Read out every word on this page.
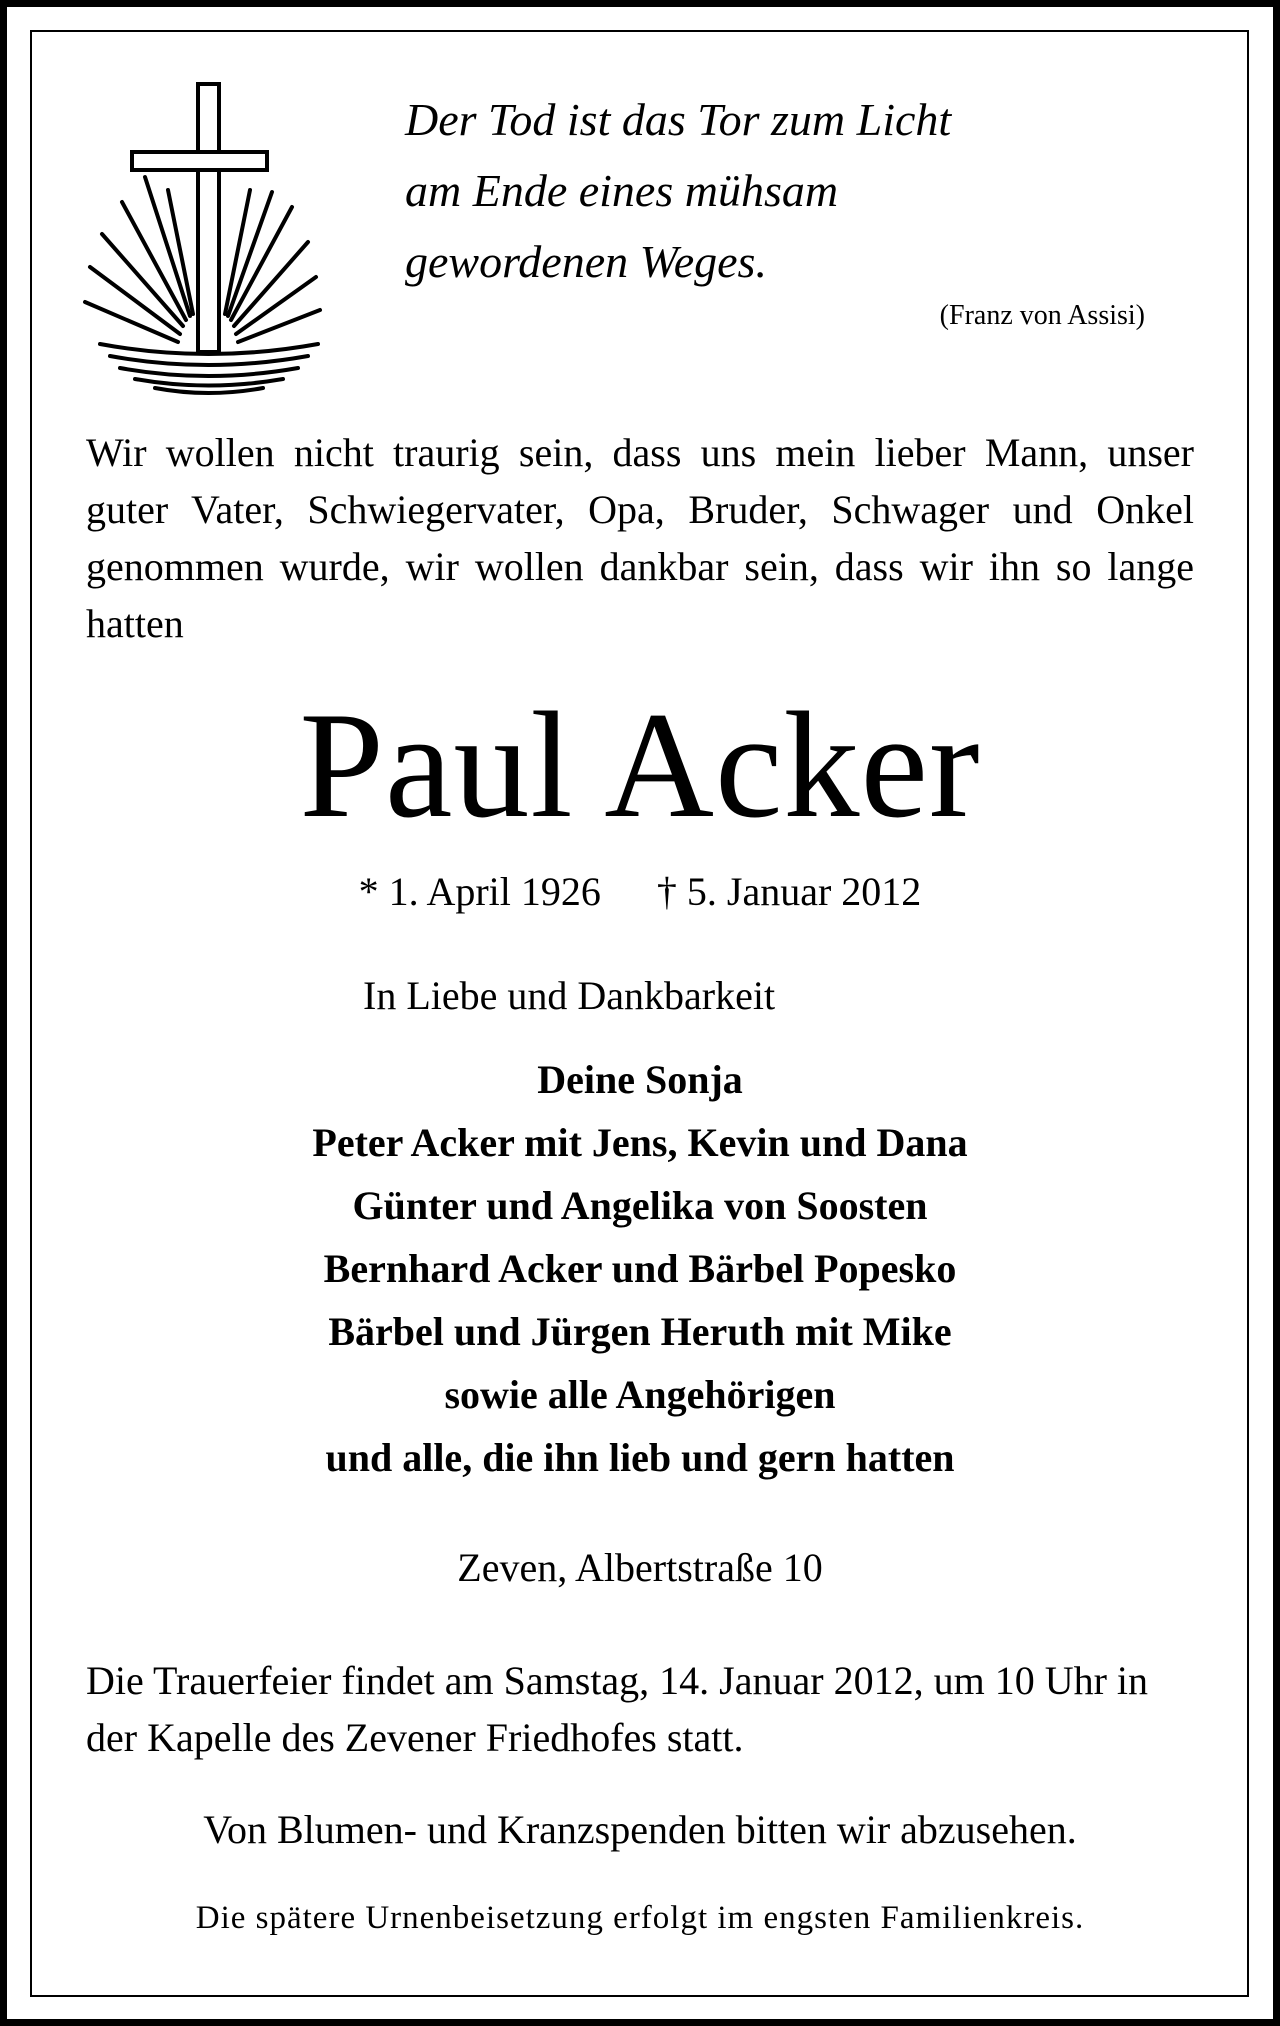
Der Tod ist das Tor zum Licht
am Ende eines mühsam
gewordenen Weges.
(Franz von Assisi)
Wir wollen nicht traurig sein, dass uns mein lieber Mann, unser guter Vater, Schwiegervater, Opa, Bruder, Schwager und Onkel genommen wurde, wir wollen dankbar sein, dass wir ihn so lange hatten
Paul Acker
* 1. April 1926 † 5. Januar 2012
In Liebe und Dankbarkeit
Deine Sonja
Peter Acker mit Jens, Kevin und Dana
Günter und Angelika von Soosten
Bernhard Acker und Bärbel Popesko
Bärbel und Jürgen Heruth mit Mike
sowie alle Angehörigen
und alle, die ihn lieb und gern hatten
Zeven, Albertstraße 10
Die Trauerfeier findet am Samstag, 14. Januar 2012, um 10 Uhr in der Kapelle des Zevener Friedhofes statt.
Von Blumen- und Kranzspenden bitten wir abzusehen.
Die spätere Urnenbeisetzung erfolgt im engsten Familienkreis.
